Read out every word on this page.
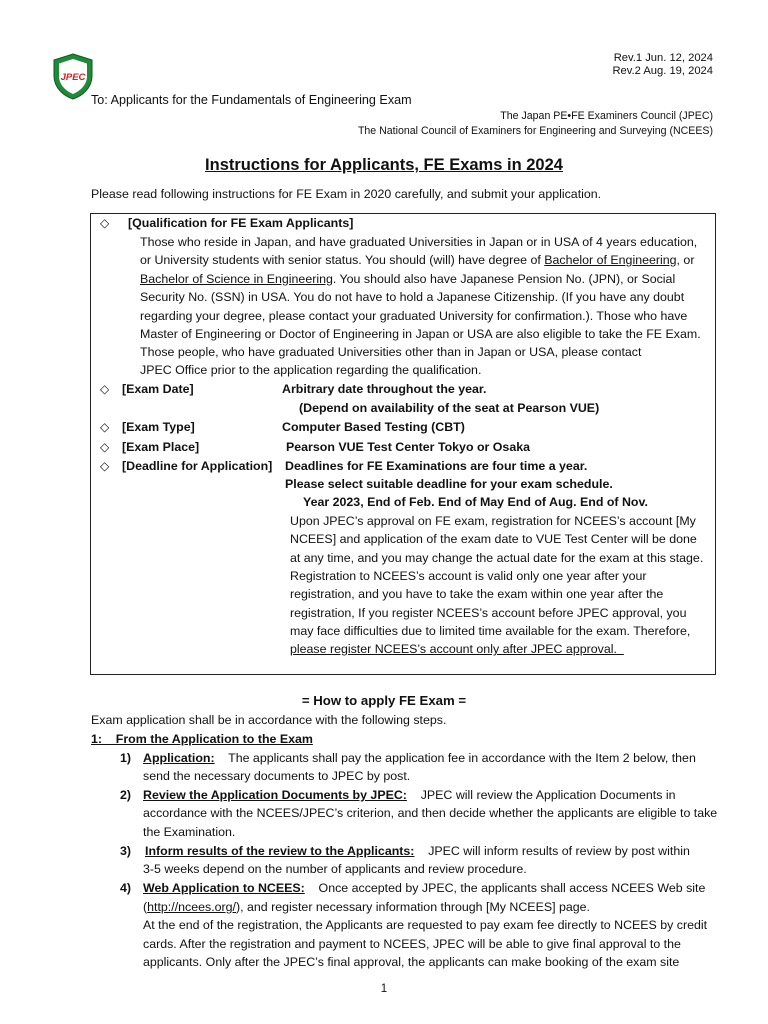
JPEC
Rev.1 Jun. 12, 2024
Rev.2 Aug. 19, 2024
To: Applicants for the Fundamentals of Engineering Exam
The Japan PE•FE Examiners Council (JPEC)
The National Council of Examiners for Engineering and Surveying (NCEES)
Instructions for Applicants, FE Exams in 2024
Please read following instructions for FE Exam in 2020 carefully, and submit your application.
◇ [Qualification for FE Exam Applicants]
Those who reside in Japan, and have graduated Universities in Japan or in USA of 4 years education,
or University students with senior status. You should (will) have degree of Bachelor of Engineering, or
Bachelor of Science in Engineering. You should also have Japanese Pension No. (JPN), or Social
Security No. (SSN) in USA. You do not have to hold a Japanese Citizenship. (If you have any doubt
regarding your degree, please contact your graduated University for confirmation.). Those who have
Master of Engineering or Doctor of Engineering in Japan or USA are also eligible to take the FE Exam.
Those people, who have graduated Universities other than in Japan or USA, please contact
JPEC Office prior to the application regarding the qualification.
◇ [Exam Date]	Arbitrary date throughout the year.
(Depend on availability of the seat at Pearson VUE)
◇ [Exam Type]	Computer Based Testing (CBT)
◇ [Exam Place]	Pearson VUE Test Center Tokyo or Osaka
◇ [Deadline for Application] Deadlines for FE Examinations are four time a year.
Please select suitable deadline for your exam schedule.
Year 2023, End of Feb. End of May End of Aug. End of Nov.
Upon JPEC’s approval on FE exam, registration for NCEES’s account [My
NCEES] and application of the exam date to VUE Test Center will be done
at any time, and you may change the actual date for the exam at this stage.
Registration to NCEES’s account is valid only one year after your
registration, and you have to take the exam within one year after the
registration, If you register NCEES’s account before JPEC approval, you
may face difficulties due to limited time available for the exam. Therefore,
please register NCEES’s account only after JPEC approval.
= How to apply FE Exam =
Exam application shall be in accordance with the following steps.
1:    From the Application to the Exam
1) Application:    The applicants shall pay the application fee in accordance with the Item 2 below, then
send the necessary documents to JPEC by post.
2) Review the Application Documents by JPEC:    JPEC will review the Application Documents in
accordance with the NCEES/JPEC’s criterion, and then decide whether the applicants are eligible to take
the Examination.
3) Inform results of the review to the Applicants:    JPEC will inform results of review by post within
3-5 weeks depend on the number of applicants and review procedure.
4) Web Application to NCEES:    Once accepted by JPEC, the applicants shall access NCEES Web site
(http://ncees.org/), and register necessary information through [My NCEES] page.
At the end of the registration, the Applicants are requested to pay exam fee directly to NCEES by credit
cards. After the registration and payment to NCEES, JPEC will be able to give final approval to the
applicants. Only after the JPEC’s final approval, the applicants can make booking of the exam site
1
